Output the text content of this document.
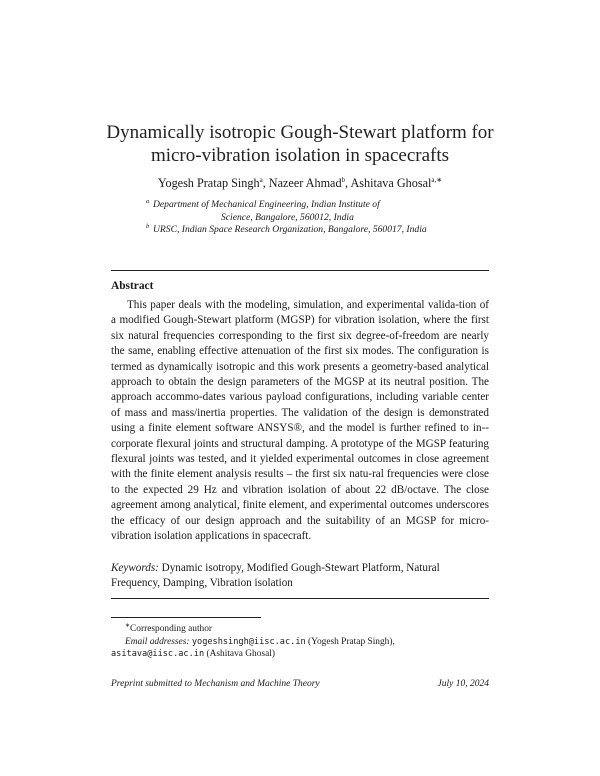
Dynamically isotropic Gough-Stewart platform for
micro-vibration isolation in spacecrafts
Yogesh Pratap Singh$^a$, Nazeer Ahmad$^b$, Ashitava Ghosal$^{a,∗}$
a Department of Mechanical Engineering, Indian Institute of
Science, Bangalore, 560012, India
b URSC, Indian Space Research Organization, Bangalore, 560017, India
Abstract
This paper deals with the modeling, simulation, and experimental valida-tion of a modified Gough-Stewart platform (MGSP) for vibration isolation, where the first six natural frequencies corresponding to the first six degree-of-freedom are nearly the same, enabling effective attenuation of the first six modes. The configuration is termed as dynamically isotropic and this work presents a geometry-based analytical approach to obtain the design parameters of the MGSP at its neutral position. The approach accommo-dates various payload configurations, including variable center of mass and mass/inertia properties. The validation of the design is demonstrated using a finite element software ANSYS®, and the model is further refined to in-corporate flexural joints and structural damping. A prototype of the MGSP featuring flexural joints was tested, and it yielded experimental outcomes in close agreement with the finite element analysis results – the first six natu-ral frequencies were close to the expected 29 Hz and vibration isolation of about 22 dB/octave. The close agreement among analytical, finite element, and experimental outcomes underscores the efficacy of our design approach and the suitability of an MGSP for micro-vibration isolation applications in spacecraft.
Keywords: Dynamic isotropy, Modified Gough-Stewart Platform, Natural Frequency, Damping, Vibration isolation
∗Corresponding author
Email addresses: yogeshsingh@iisc.ac.in (Yogesh Pratap Singh),
asitava@iisc.ac.in (Ashitava Ghosal)
Preprint submitted to Mechanism and Machine Theory	July 10, 2024
